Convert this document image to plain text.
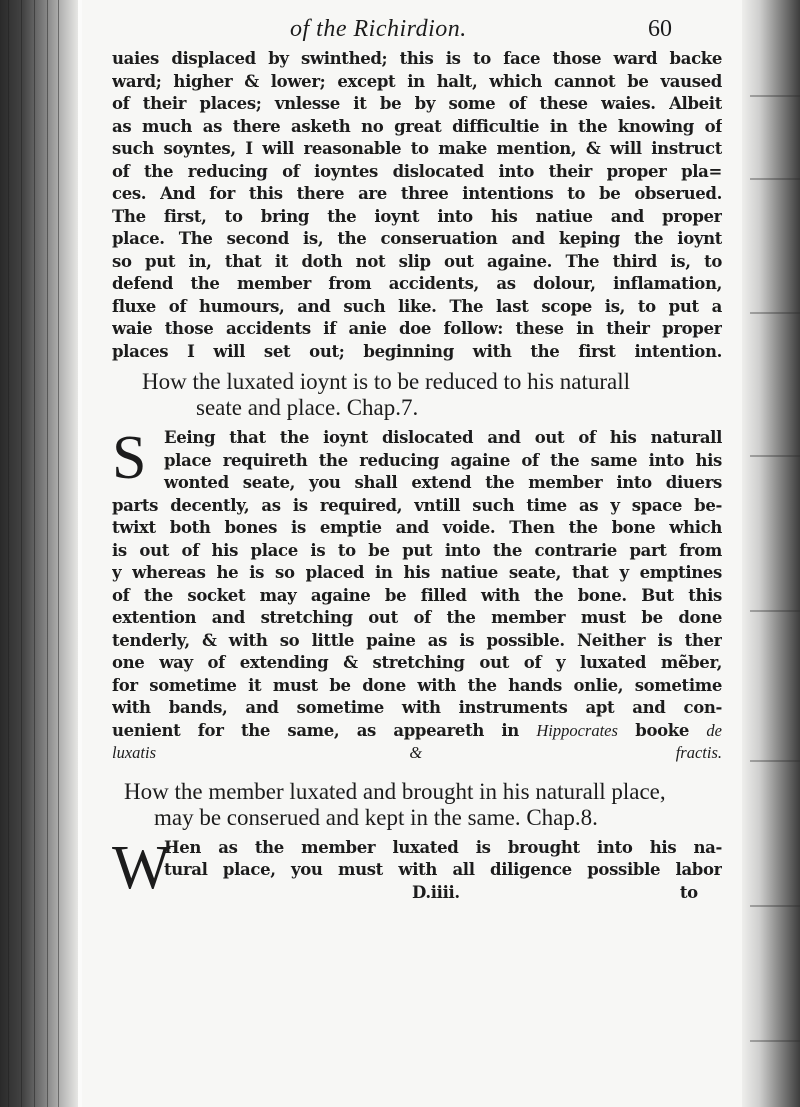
of the Richirdion.	60
uaies displaced by swinthed; this is to face those ward backe
ward; higher & lower; except in halt, which cannot be vaused
of their places; vnlesse it be by some of these waies. Albeit
as much as there asketh no great difficultie in the knowing of
such soyntes, I will reasonable to make mention, & will instruct
of the reducing of ioyntes dislocated into their proper pla=
ces. And for this there are three intentions to be obserued.
The first, to bring the ioynt into his natiue and proper
place. The second is, the conseruation and keping the ioynt
so put in, that it doth not slip out againe. The third is, to
defend the member from accidents, as dolour, inflamation,
fluxe of humours, and such like. The last scope is, to put a
waie those accidents if anie doe follow: these in their proper
places I will set out; beginning with the first intention.
How the luxated ioynt is to be reduced to his naturall
seate and place. Chap.7.
S	Eeing that the ioynt dislocated and out of his naturall
place requireth the reducing againe of the same into his
wonted seate, you shall extend the member into diuers
parts decently, as is required, vntill such time as y space be-
twixt both bones is emptie and voide. Then the bone which
is out of his place is to be put into the contrarie part from
y whereas he is so placed in his natiue seate, that y emptines
of the socket may againe be filled with the bone. But this
extention and stretching out of the member must be done
tenderly, & with so little paine as is possible. Neither is ther
one way of extending & stretching out of y luxated mẽber,
for sometime it must be done with the hands onlie, sometime
with bands, and sometime with instruments apt and con-
uenient for the same, as appeareth in Hippocrates booke de
luxatis & fractis.
How the member luxated and brought in his naturall place,
may be conserued and kept in the same. Chap.8.
W
Hen as the member luxated is brought into his na-
tural place, you must with all diligence possible labor
D.iiii.	to
